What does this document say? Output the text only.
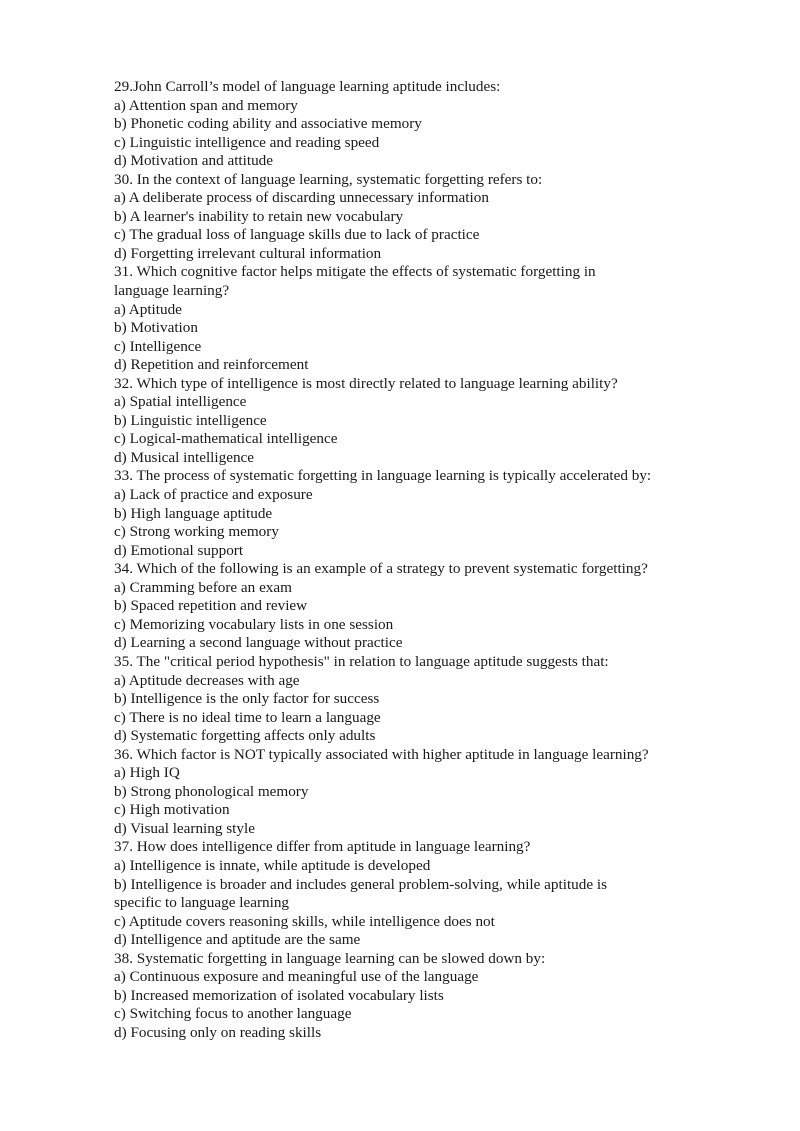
29.John Carroll’s model of language learning aptitude includes:
a) Attention span and memory
b) Phonetic coding ability and associative memory
c) Linguistic intelligence and reading speed
d) Motivation and attitude
30. In the context of language learning, systematic forgetting refers to:
a) A deliberate process of discarding unnecessary information
b) A learner's inability to retain new vocabulary
c) The gradual loss of language skills due to lack of practice
d) Forgetting irrelevant cultural information
31. Which cognitive factor helps mitigate the effects of systematic forgetting in language learning?
a) Aptitude
b) Motivation
c) Intelligence
d) Repetition and reinforcement
32. Which type of intelligence is most directly related to language learning ability?
a) Spatial intelligence
b) Linguistic intelligence
c) Logical-mathematical intelligence
d) Musical intelligence
33. The process of systematic forgetting in language learning is typically accelerated by:
a) Lack of practice and exposure
b) High language aptitude
c) Strong working memory
d) Emotional support
34. Which of the following is an example of a strategy to prevent systematic forgetting?
a) Cramming before an exam
b) Spaced repetition and review
c) Memorizing vocabulary lists in one session
d) Learning a second language without practice
35. The "critical period hypothesis" in relation to language aptitude suggests that:
a) Aptitude decreases with age
b) Intelligence is the only factor for success
c) There is no ideal time to learn a language
d) Systematic forgetting affects only adults
36. Which factor is NOT typically associated with higher aptitude in language learning?
a) High IQ
b) Strong phonological memory
c) High motivation
d) Visual learning style
37. How does intelligence differ from aptitude in language learning?
a) Intelligence is innate, while aptitude is developed
b) Intelligence is broader and includes general problem-solving, while aptitude is specific to language learning
c) Aptitude covers reasoning skills, while intelligence does not
d) Intelligence and aptitude are the same
38. Systematic forgetting in language learning can be slowed down by:
a) Continuous exposure and meaningful use of the language
b) Increased memorization of isolated vocabulary lists
c) Switching focus to another language
d) Focusing only on reading skills
